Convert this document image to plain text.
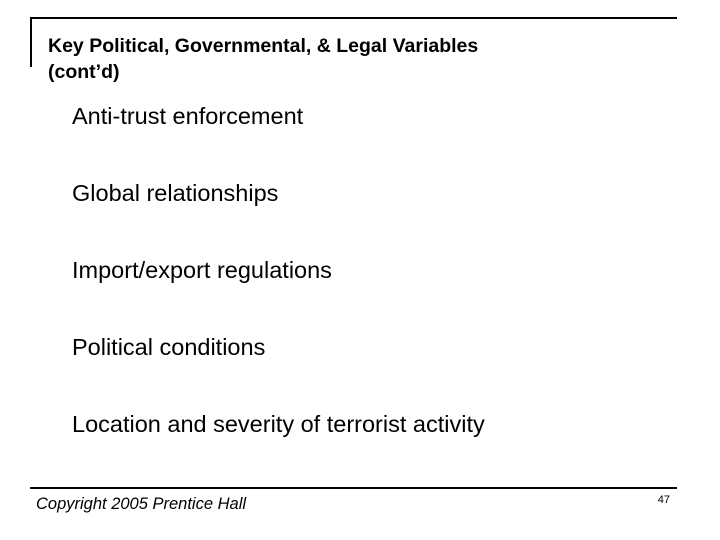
Key Political, Governmental, & Legal Variables
(cont’d)
Anti-trust enforcement
Global relationships
Import/export regulations
Political conditions
Location and severity of terrorist activity
Copyright 2005 Prentice Hall	47
